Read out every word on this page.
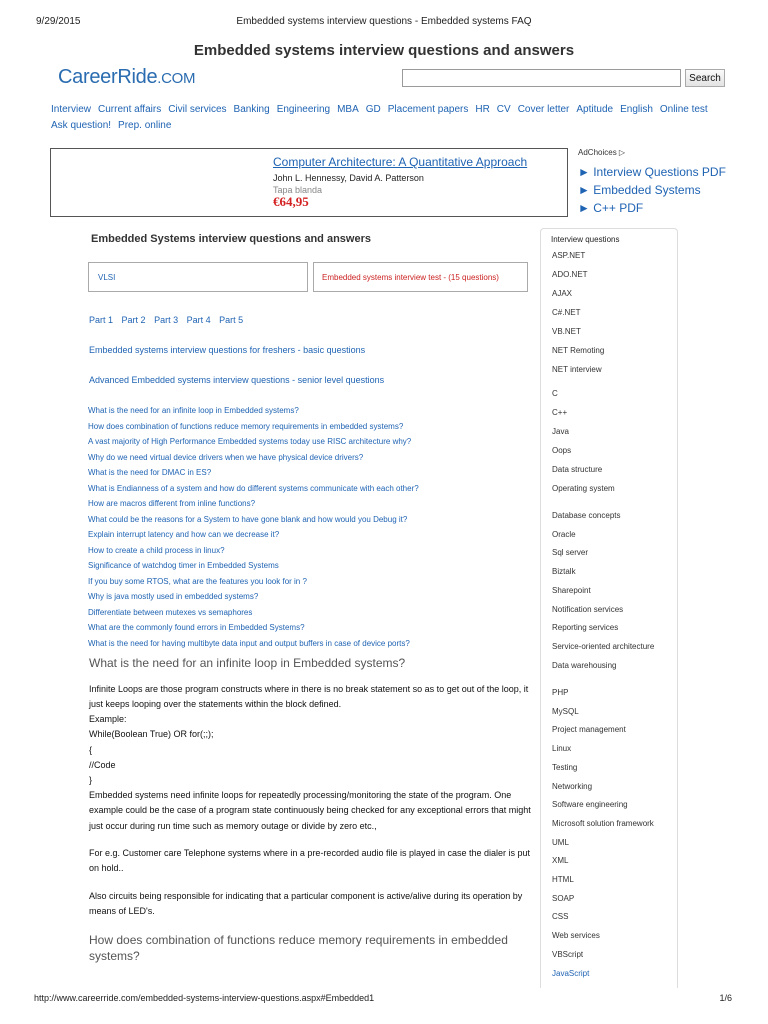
9/29/2015	Embedded systems interview questions - Embedded systems FAQ
Embedded systems interview questions and answers
CareerRide.COM	Search
Interview Current affairs Civil services Banking Engineering MBA GD Placement papers HR CV Cover letter Aptitude English Online test
Ask question! Prep. online
Computer Architecture: A Quantitative Approach
John L. Hennessy, David A. Patterson
Tapa blanda
€64,95
AdChoices ▷
► Interview Questions PDF
► Embedded Systems
► C++ PDF
Embedded Systems interview questions and answers
VLSI	Embedded systems interview test - (15 questions)
Part 1 Part 2 Part 3 Part 4 Part 5
Embedded systems interview questions for freshers - basic questions
Advanced Embedded systems interview questions - senior level questions
What is the need for an infinite loop in Embedded systems?
How does combination of functions reduce memory requirements in embedded systems?
A vast majority of High Performance Embedded systems today use RISC architecture why?
Why do we need virtual device drivers when we have physical device drivers?
What is the need for DMAC in ES?
What is Endianness of a system and how do different systems communicate with each other?
How are macros different from inline functions?
What could be the reasons for a System to have gone blank and how would you Debug it?
Explain interrupt latency and how can we decrease it?
How to create a child process in linux?
Significance of watchdog timer in Embedded Systems
If you buy some RTOS, what are the features you look for in ?
Why is java mostly used in embedded systems?
Differentiate between mutexes vs semaphores
What are the commonly found errors in Embedded Systems?
What is the need for having multibyte data input and output buffers in case of device ports?
What is the need for an infinite loop in Embedded systems?
Infinite Loops are those program constructs where in there is no break statement so as to get out of the loop, it just keeps looping over the statements within the block defined.
Example:
While(Boolean True) OR for(;;);
{
//Code
}
Embedded systems need infinite loops for repeatedly processing/monitoring the state of the program. One example could be the case of a program state continuously being checked for any exceptional errors that might just occur during run time such as memory outage or divide by zero etc.,
For e.g. Customer care Telephone systems where in a pre-recorded audio file is played in case the dialer is put on hold..
Also circuits being responsible for indicating that a particular component is active/alive during its operation by means of LED's.
How does combination of functions reduce memory requirements in embedded systems?
Interview questions
ASP.NET
ADO.NET
AJAX
C#.NET
VB.NET
NET Remoting
NET interview
C
C++
Java
Oops
Data structure
Operating system
Database concepts
Oracle
Sql server
Biztalk
Sharepoint
Notification services
Reporting services
Service-oriented architecture
Data warehousing
PHP
MySQL
Project management
Linux
Testing
Networking
Software engineering
Microsoft solution framework
UML
XML
HTML
SOAP
CSS
Web services
VBScript
JavaScript
http://www.careerride.com/embedded-systems-interview-questions.aspx#Embedded1	1/6
